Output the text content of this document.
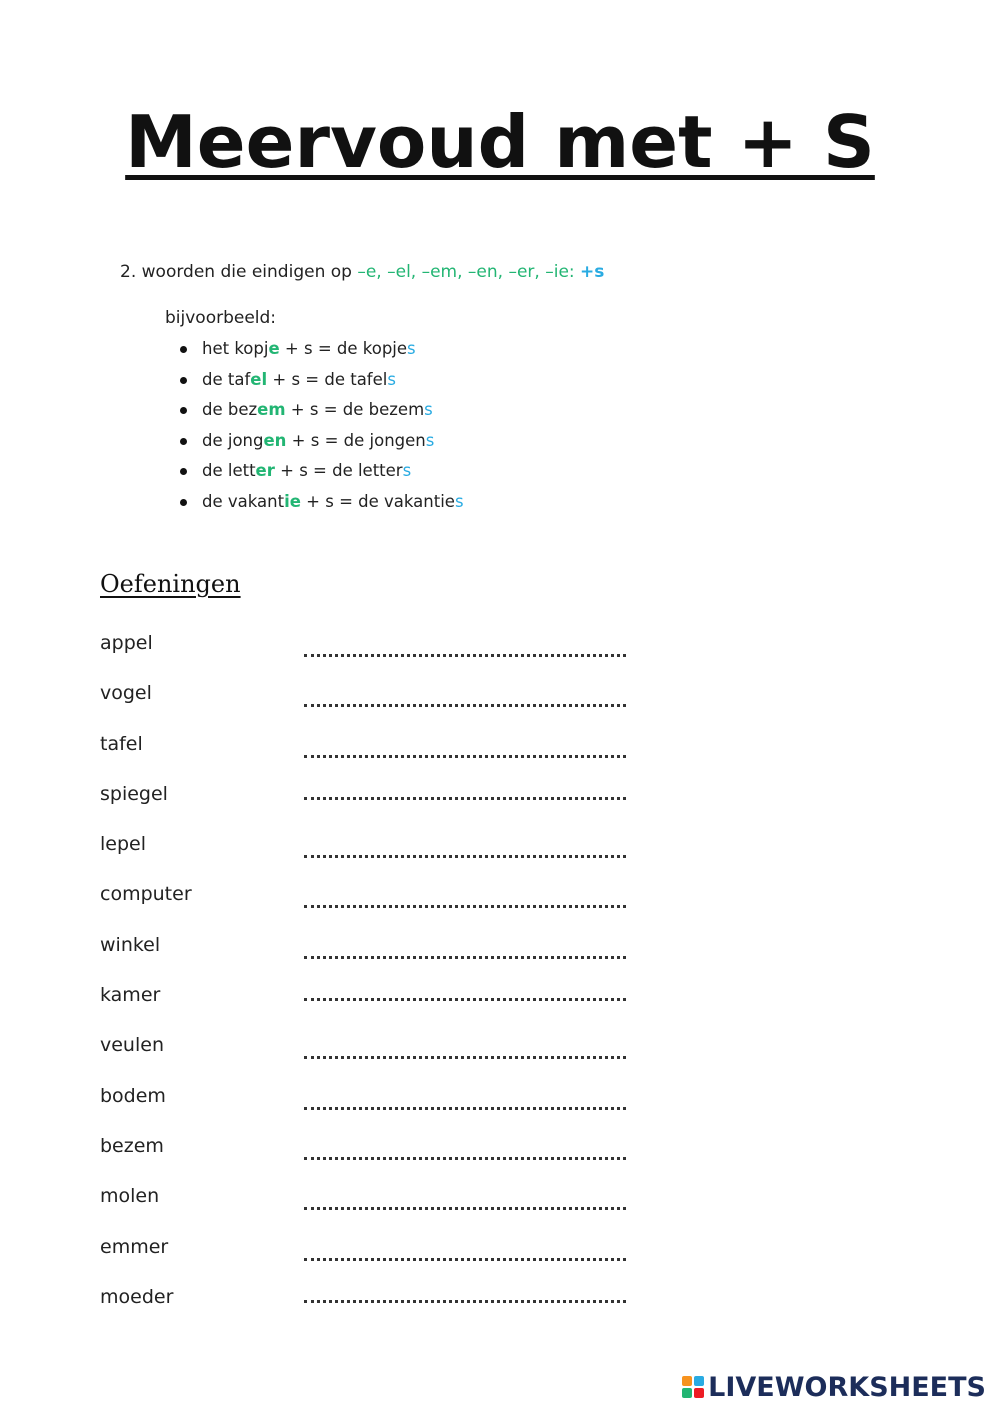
Meervoud met + S
2. woorden die eindigen op –e, –el, –em, –en, –er, –ie: +s
bijvoorbeeld:
het kopje + s = de kopjes
de tafel + s = de tafels
de bezem + s = de bezems
de jongen + s = de jongens
de letter + s = de letters
de vakantie + s = de vakanties
Oefeningen
appel
vogel
tafel
spiegel
lepel
computer
winkel
kamer
veulen
bodem
bezem
molen
emmer
moeder
LIVEWORKSHEETS
